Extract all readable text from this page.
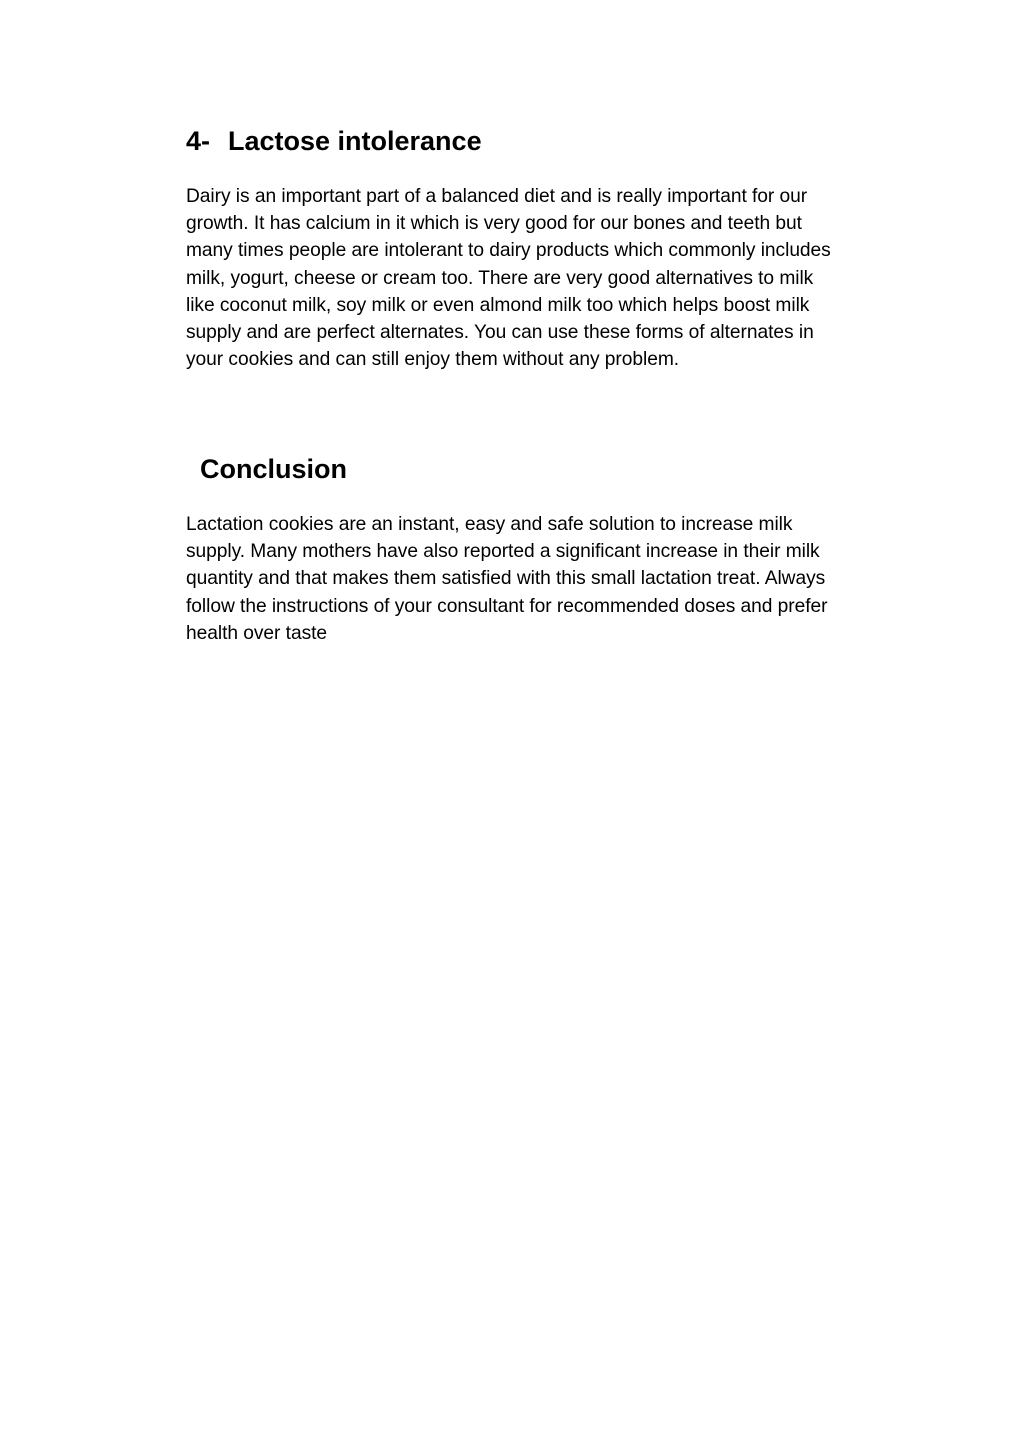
4- Lactose intolerance

Dairy is an important part of a balanced diet and is really important for our
growth. It has calcium in it which is very good for our bones and teeth but
many times people are intolerant to dairy products which commonly includes
milk, yogurt, cheese or cream too. There are very good alternatives to milk
like coconut milk, soy milk or even almond milk too which helps boost milk
supply and are perfect alternates. You can use these forms of alternates in
your cookies and can still enjoy them without any problem.

Conclusion

Lactation cookies are an instant, easy and safe solution to increase milk
supply. Many mothers have also reported a significant increase in their milk
quantity and that makes them satisfied with this small lactation treat. Always
follow the instructions of your consultant for recommended doses and prefer
health over taste
